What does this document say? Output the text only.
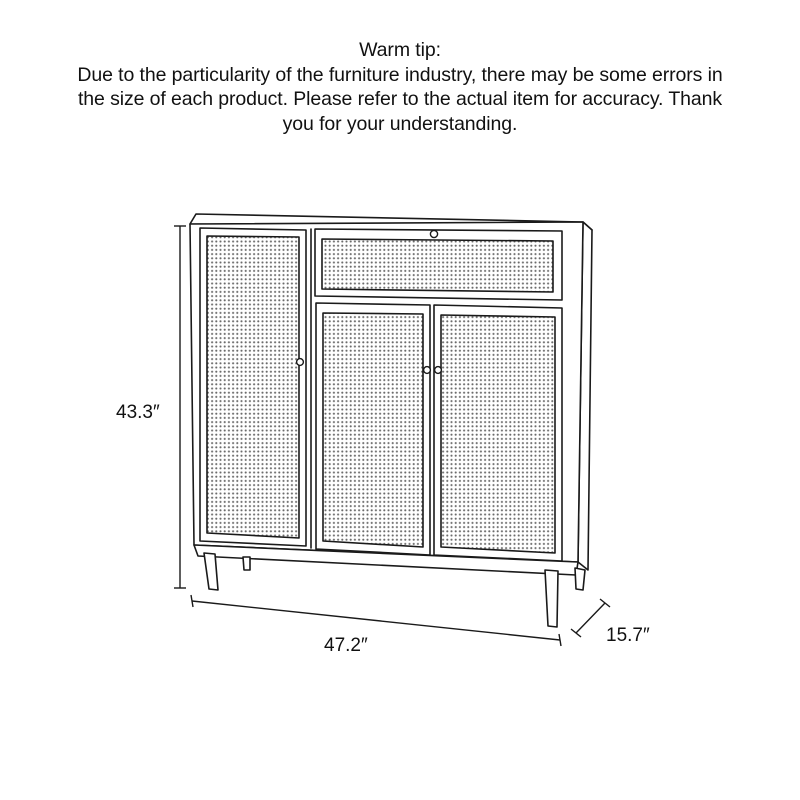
Warm tip:
Due to the particularity of the furniture industry, there may be some errors in
the size of each product. Please refer to the actual item for accuracy. Thank
you for your understanding.
43.3″
47.2″	15.7″
